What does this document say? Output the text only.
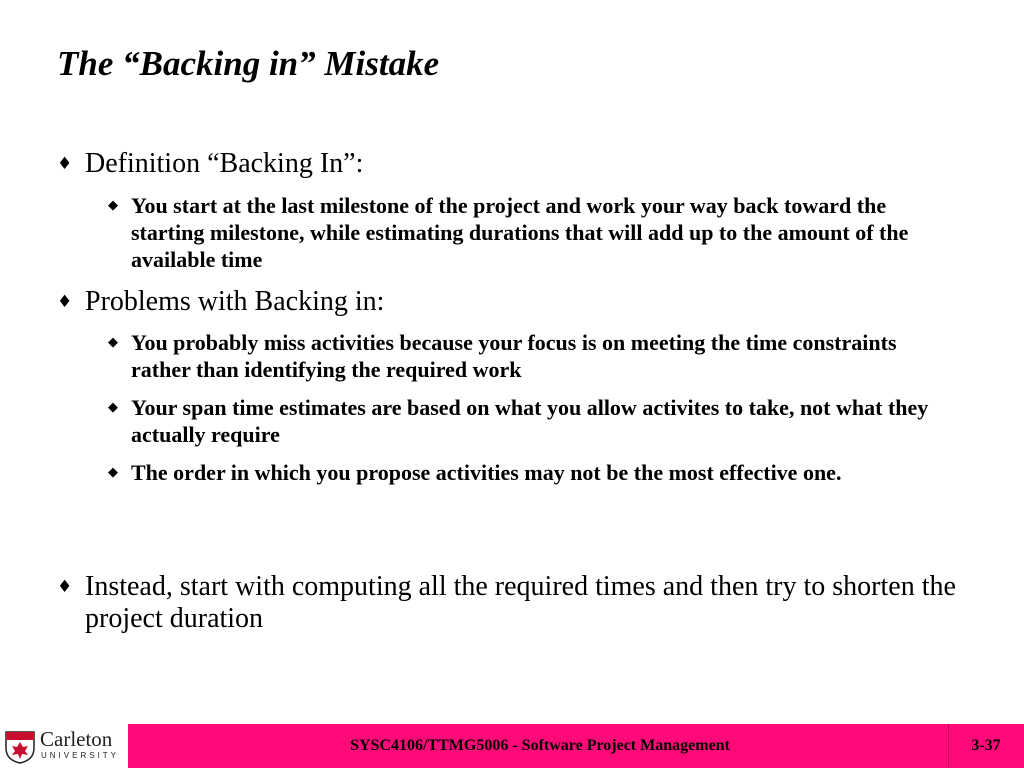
The “Backing in” Mistake
♦ Definition “Backing In”:
◆ You start at the last milestone of the project and work your way back toward the starting milestone, while estimating durations that will add up to the amount of the available time
♦ Problems with Backing in:
◆ You probably miss activities because your focus is on meeting the time constraints rather than identifying the required work
◆ Your span time estimates are based on what you allow activites to take, not what they actually require
◆ The order in which you propose activities may not be the most effective one.
♦ Instead, start with computing all the required times and then try to shorten the project duration
Carleton
UNIVERSITY
SYSC4106/TTMG5006 - Software Project Management	3-37
